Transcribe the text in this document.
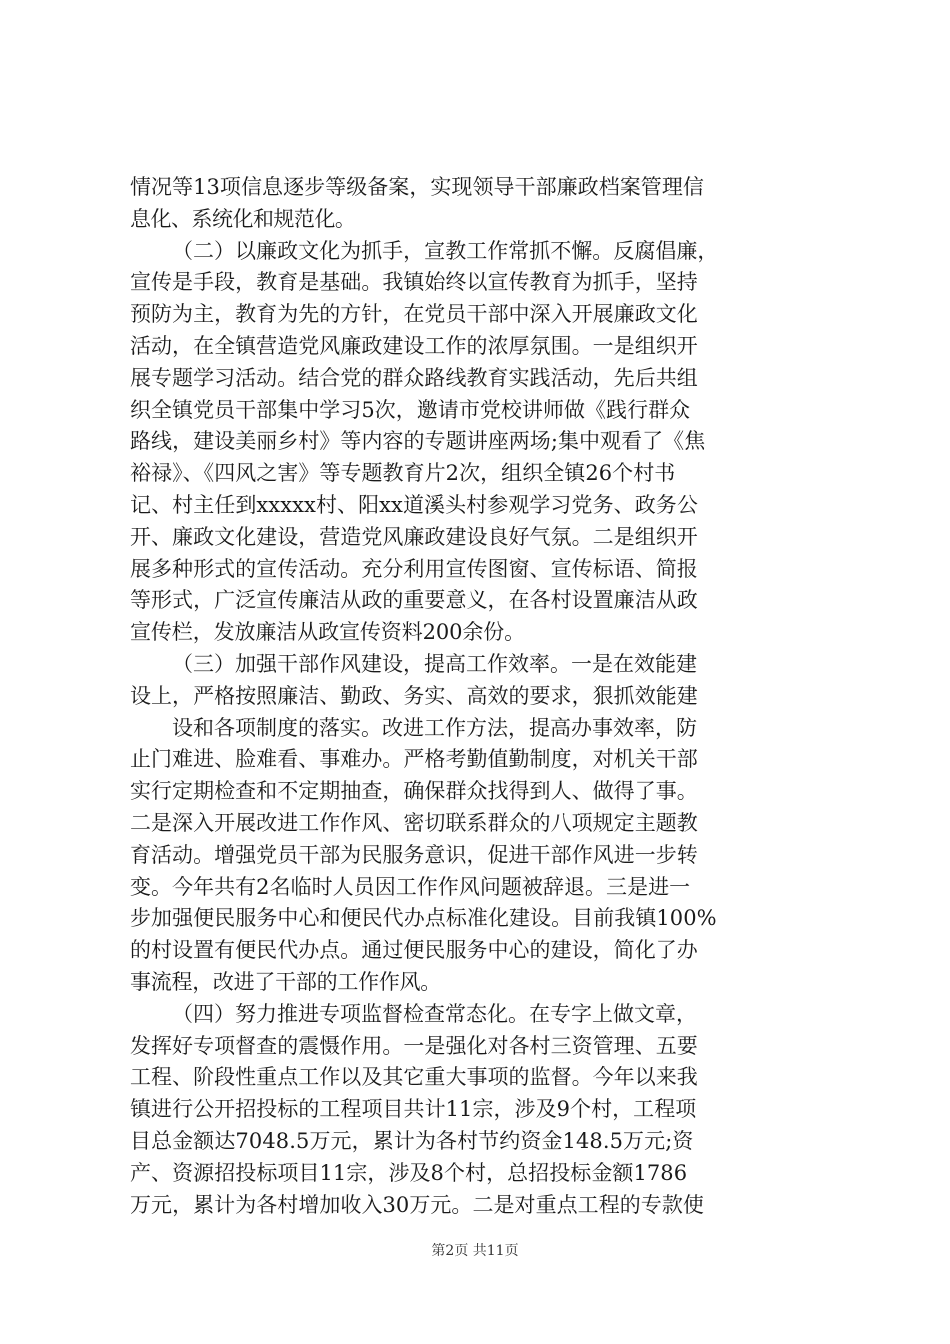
情况等13项信息逐步等级备案，实现领导干部廉政档案管理信
息化、系统化和规范化。
（二）以廉政文化为抓手，宣教工作常抓不懈。反腐倡廉，
宣传是手段，教育是基础。我镇始终以宣传教育为抓手，坚持
预防为主，教育为先的方针，在党员干部中深入开展廉政文化
活动，在全镇营造党风廉政建设工作的浓厚氛围。一是组织开
展专题学习活动。结合党的群众路线教育实践活动，先后共组
织全镇党员干部集中学习5次，邀请市党校讲师做《践行群众
路线，建设美丽乡村》等内容的专题讲座两场;集中观看了《焦
裕禄》、《四风之害》等专题教育片2次，组织全镇26个村书
记、村主任到xxxxx村、阳xx道溪头村参观学习党务、政务公
开、廉政文化建设，营造党风廉政建设良好气氛。二是组织开
展多种形式的宣传活动。充分利用宣传图窗、宣传标语、简报
等形式，广泛宣传廉洁从政的重要意义，在各村设置廉洁从政
宣传栏，发放廉洁从政宣传资料200余份。
（三）加强干部作风建设，提高工作效率。一是在效能建
设上，严格按照廉洁、勤政、务实、高效的要求，狠抓效能建
设和各项制度的落实。改进工作方法，提高办事效率，防
止门难进、脸难看、事难办。严格考勤值勤制度，对机关干部
实行定期检查和不定期抽查，确保群众找得到人、做得了事。
二是深入开展改进工作作风、密切联系群众的八项规定主题教
育活动。增强党员干部为民服务意识，促进干部作风进一步转
变。今年共有2名临时人员因工作作风问题被辞退。三是进一
步加强便民服务中心和便民代办点标准化建设。目前我镇100%
的村设置有便民代办点。通过便民服务中心的建设，简化了办
事流程，改进了干部的工作作风。
（四）努力推进专项监督检查常态化。在专字上做文章，
发挥好专项督查的震慑作用。一是强化对各村三资管理、五要
工程、阶段性重点工作以及其它重大事项的监督。今年以来我
镇进行公开招投标的工程项目共计11宗，涉及9个村，工程项
目总金额达7048.5万元，累计为各村节约资金148.5万元;资
产、资源招投标项目11宗，涉及8个村，总招投标金额1786
万元，累计为各村增加收入30万元。二是对重点工程的专款使
第2页 共11页
